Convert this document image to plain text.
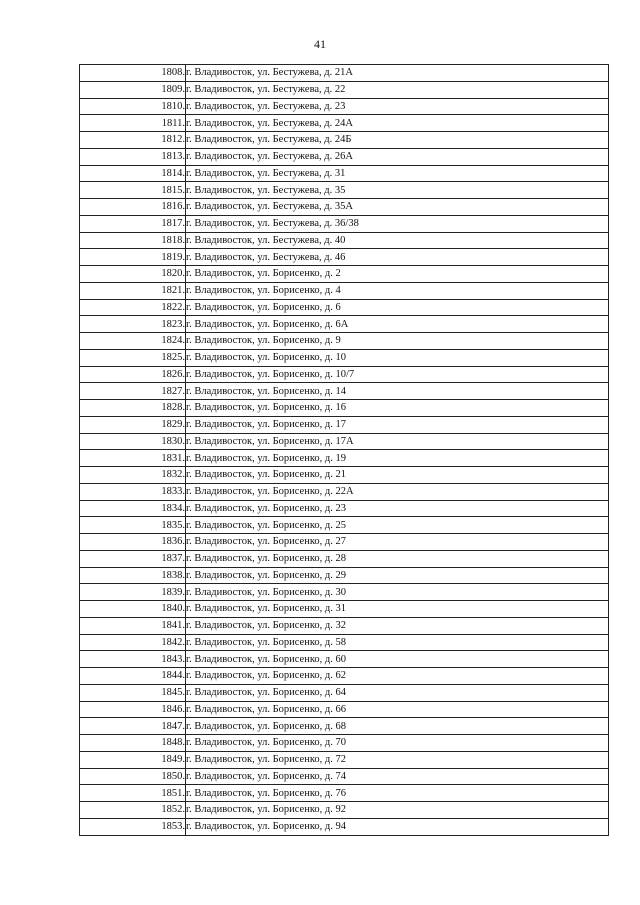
41
1808.	г. Владивосток, ул. Бестужева, д. 21А
1809.	г. Владивосток, ул. Бестужева, д. 22
1810.	г. Владивосток, ул. Бестужева, д. 23
1811.	г. Владивосток, ул. Бестужева, д. 24А
1812.	г. Владивосток, ул. Бестужева, д. 24Б
1813.	г. Владивосток, ул. Бестужева, д. 26А
1814.	г. Владивосток, ул. Бестужева, д. 31
1815.	г. Владивосток, ул. Бестужева, д. 35
1816.	г. Владивосток, ул. Бестужева, д. 35А
1817.	г. Владивосток, ул. Бестужева, д. 36/38
1818.	г. Владивосток, ул. Бестужева, д. 40
1819.	г. Владивосток, ул. Бестужева, д. 46
1820.	г. Владивосток, ул. Борисенко, д. 2
1821.	г. Владивосток, ул. Борисенко, д. 4
1822.	г. Владивосток, ул. Борисенко, д. 6
1823.	г. Владивосток, ул. Борисенко, д. 6А
1824.	г. Владивосток, ул. Борисенко, д. 9
1825.	г. Владивосток, ул. Борисенко, д. 10
1826.	г. Владивосток, ул. Борисенко, д. 10/7
1827.	г. Владивосток, ул. Борисенко, д. 14
1828.	г. Владивосток, ул. Борисенко, д. 16
1829.	г. Владивосток, ул. Борисенко, д. 17
1830.	г. Владивосток, ул. Борисенко, д. 17А
1831.	г. Владивосток, ул. Борисенко, д. 19
1832.	г. Владивосток, ул. Борисенко, д. 21
1833.	г. Владивосток, ул. Борисенко, д. 22А
1834.	г. Владивосток, ул. Борисенко, д. 23
1835.	г. Владивосток, ул. Борисенко, д. 25
1836.	г. Владивосток, ул. Борисенко, д. 27
1837.	г. Владивосток, ул. Борисенко, д. 28
1838.	г. Владивосток, ул. Борисенко, д. 29
1839.	г. Владивосток, ул. Борисенко, д. 30
1840.	г. Владивосток, ул. Борисенко, д. 31
1841.	г. Владивосток, ул. Борисенко, д. 32
1842.	г. Владивосток, ул. Борисенко, д. 58
1843.	г. Владивосток, ул. Борисенко, д. 60
1844.	г. Владивосток, ул. Борисенко, д. 62
1845.	г. Владивосток, ул. Борисенко, д. 64
1846.	г. Владивосток, ул. Борисенко, д. 66
1847.	г. Владивосток, ул. Борисенко, д. 68
1848.	г. Владивосток, ул. Борисенко, д. 70
1849.	г. Владивосток, ул. Борисенко, д. 72
1850.	г. Владивосток, ул. Борисенко, д. 74
1851.	г. Владивосток, ул. Борисенко, д. 76
1852.	г. Владивосток, ул. Борисенко, д. 92
1853.	г. Владивосток, ул. Борисенко, д. 94
